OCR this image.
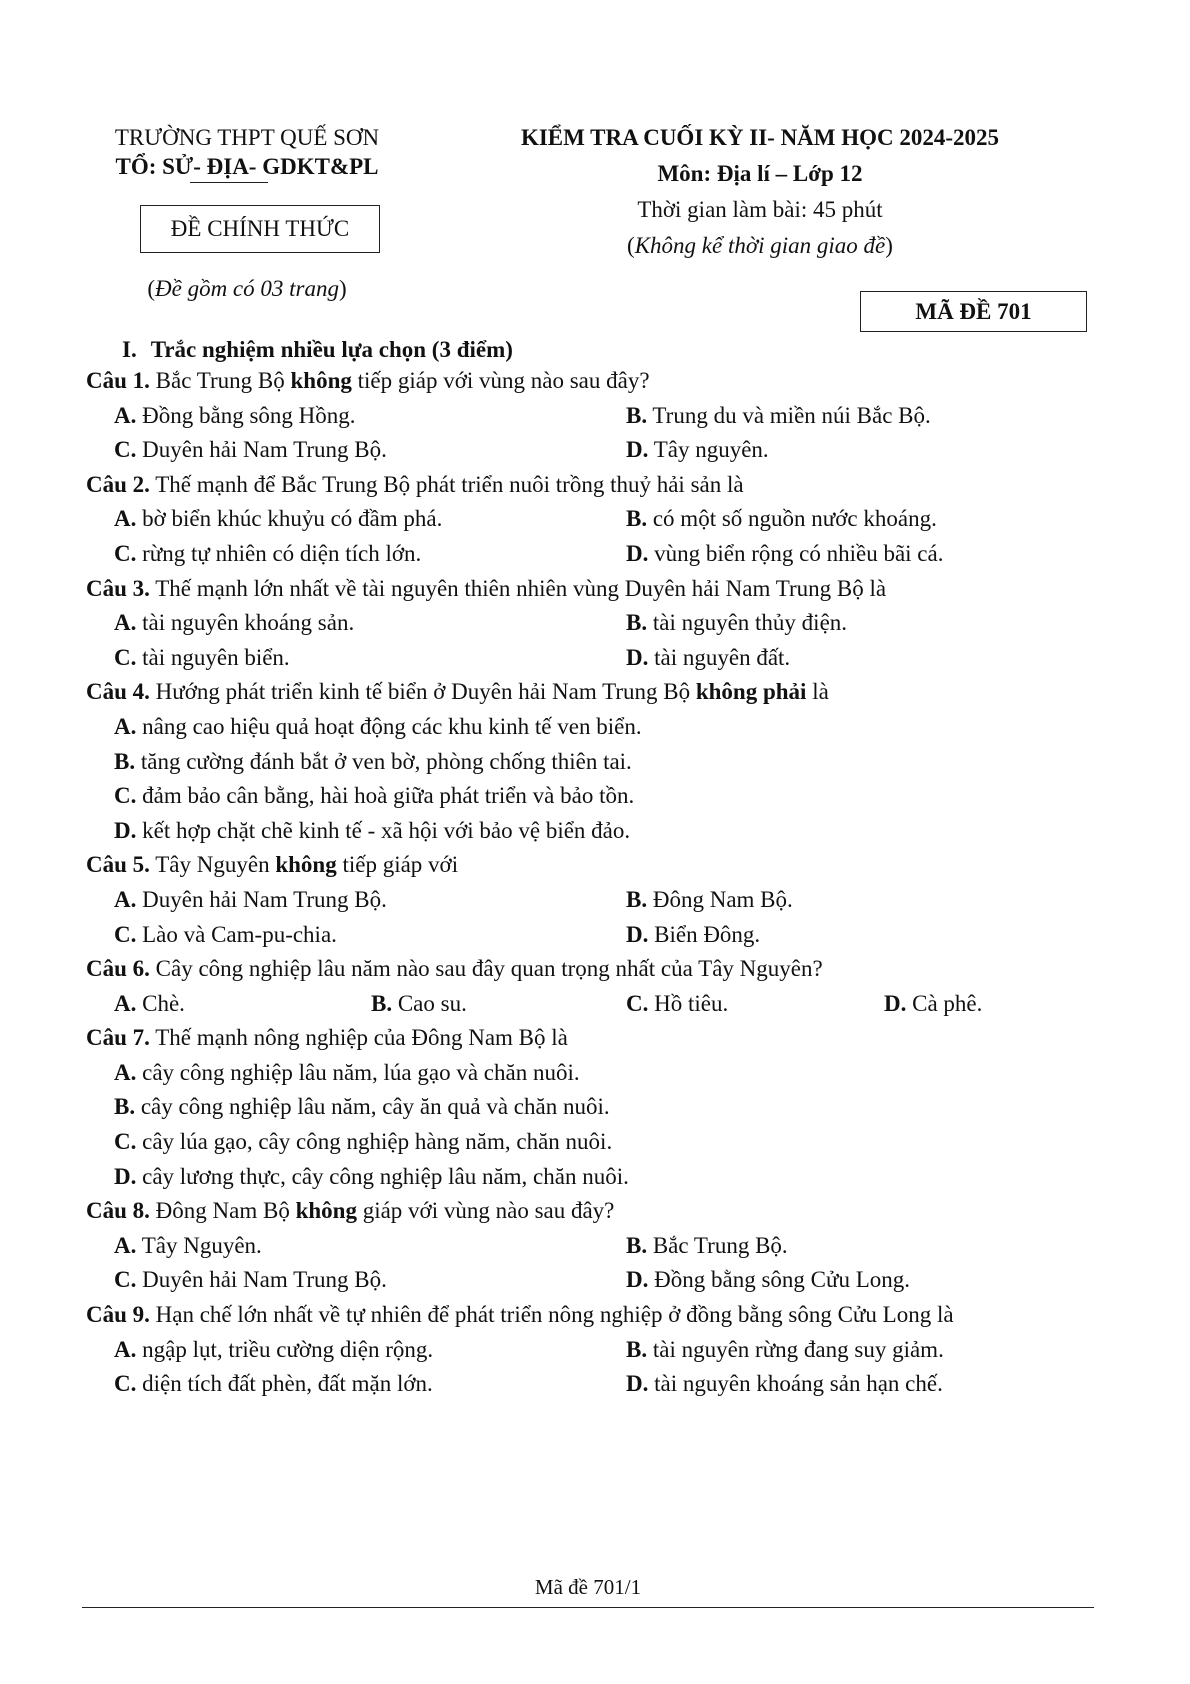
TRƯỜNG THPT QUẾ SƠN
TỔ: SỬ- ĐỊA- GDKT&PL
ĐỀ CHÍNH THỨC
(Đề gồm có 03 trang)
KIỂM TRA CUỐI KỲ II- NĂM HỌC 2024-2025
Môn: Địa lí – Lớp 12
Thời gian làm bài: 45 phút
(Không kể thời gian giao đề)
MÃ ĐỀ 701
I. Trắc nghiệm nhiều lựa chọn (3 điểm)
Câu 1. Bắc Trung Bộ không tiếp giáp với vùng nào sau đây?
A. Đồng bằng sông Hồng.	B. Trung du và miền núi Bắc Bộ.
C. Duyên hải Nam Trung Bộ.	D. Tây nguyên.
Câu 2. Thế mạnh để Bắc Trung Bộ phát triển nuôi trồng thuỷ hải sản là
A. bờ biển khúc khuỷu có đầm phá.	B. có một số nguồn nước khoáng.
C. rừng tự nhiên có diện tích lớn.	D. vùng biển rộng có nhiều bãi cá.
Câu 3. Thế mạnh lớn nhất về tài nguyên thiên nhiên vùng Duyên hải Nam Trung Bộ là
A. tài nguyên khoáng sản.	B. tài nguyên thủy điện.
C. tài nguyên biển.	D. tài nguyên đất.
Câu 4. Hướng phát triển kinh tế biển ở Duyên hải Nam Trung Bộ không phải là
A. nâng cao hiệu quả hoạt động các khu kinh tế ven biển.
B. tăng cường đánh bắt ở ven bờ, phòng chống thiên tai.
C. đảm bảo cân bằng, hài hoà giữa phát triển và bảo tồn.
D. kết hợp chặt chẽ kinh tế - xã hội với bảo vệ biển đảo.
Câu 5. Tây Nguyên không tiếp giáp với
A. Duyên hải Nam Trung Bộ.	B. Đông Nam Bộ.
C. Lào và Cam-pu-chia.	D. Biển Đông.
Câu 6. Cây công nghiệp lâu năm nào sau đây quan trọng nhất của Tây Nguyên?
A. Chè.	B. Cao su.	C. Hồ tiêu.	D. Cà phê.
Câu 7. Thế mạnh nông nghiệp của Đông Nam Bộ là
A. cây công nghiệp lâu năm, lúa gạo và chăn nuôi.
B. cây công nghiệp lâu năm, cây ăn quả và chăn nuôi.
C. cây lúa gạo, cây công nghiệp hàng năm, chăn nuôi.
D. cây lương thực, cây công nghiệp lâu năm, chăn nuôi.
Câu 8. Đông Nam Bộ không giáp với vùng nào sau đây?
A. Tây Nguyên.	B. Bắc Trung Bộ.
C. Duyên hải Nam Trung Bộ.	D. Đồng bằng sông Cửu Long.
Câu 9. Hạn chế lớn nhất về tự nhiên để phát triển nông nghiệp ở đồng bằng sông Cửu Long là
A. ngập lụt, triều cường diện rộng.	B. tài nguyên rừng đang suy giảm.
C. diện tích đất phèn, đất mặn lớn.	D. tài nguyên khoáng sản hạn chế.
Mã đề 701/1
